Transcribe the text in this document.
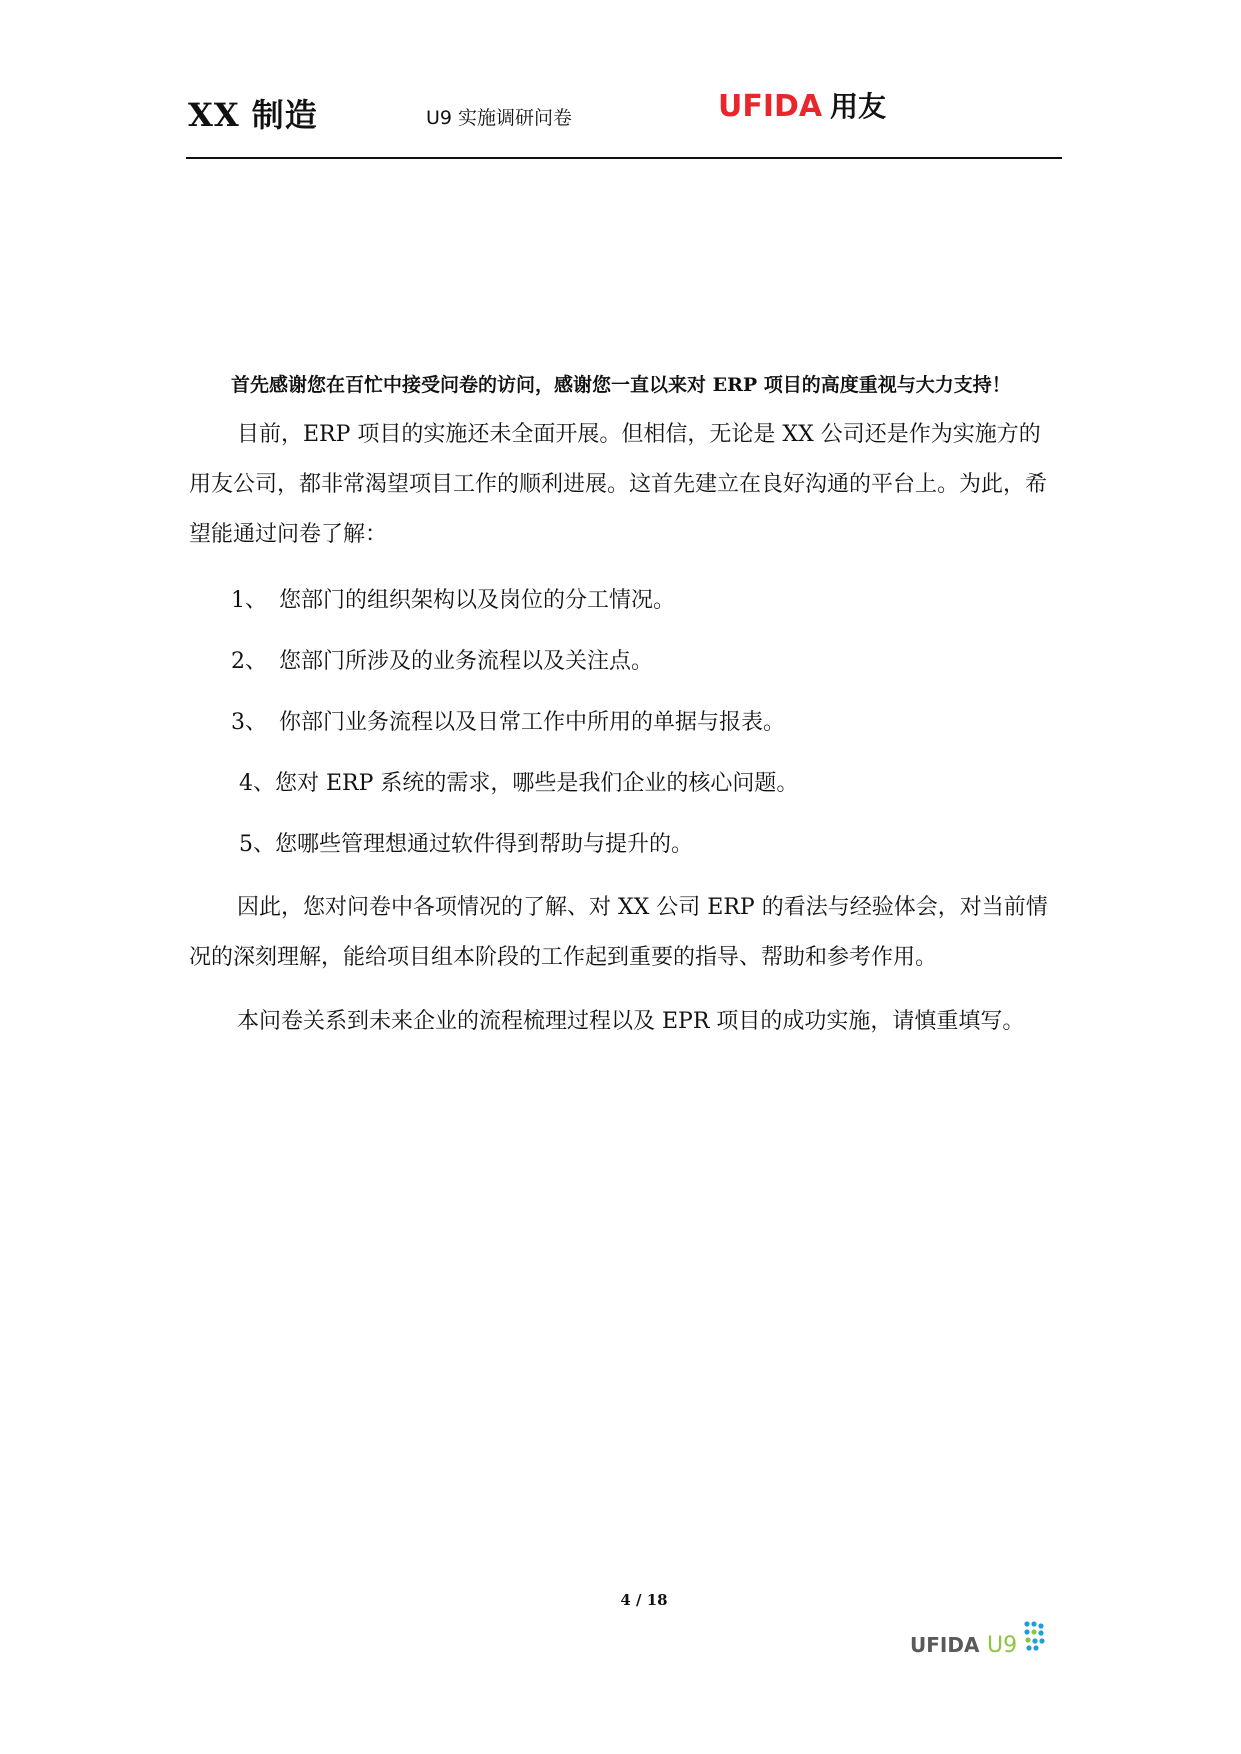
XX 制造	U9 实施调研问卷	UFIDA 用友

首先感谢您在百忙中接受问卷的访问，感谢您一直以来对 ERP 项目的高度重视与大力支持！

目前，ERP 项目的实施还未全面开展。但相信，无论是 XX 公司还是作为实施方的用友公司，都非常渴望项目工作的顺利进展。这首先建立在良好沟通的平台上。为此，希望能通过问卷了解：

1、 您部门的组织架构以及岗位的分工情况。
2、 您部门所涉及的业务流程以及关注点。
3、 你部门业务流程以及日常工作中所用的单据与报表。
4、您对 ERP 系统的需求，哪些是我们企业的核心问题。
5、您哪些管理想通过软件得到帮助与提升的。

因此，您对问卷中各项情况的了解、对 XX 公司 ERP 的看法与经验体会，对当前情况的深刻理解，能给项目组本阶段的工作起到重要的指导、帮助和参考作用。

本问卷关系到未来企业的流程梳理过程以及 EPR 项目的成功实施，请慎重填写。

4 / 18
UFIDA U9
